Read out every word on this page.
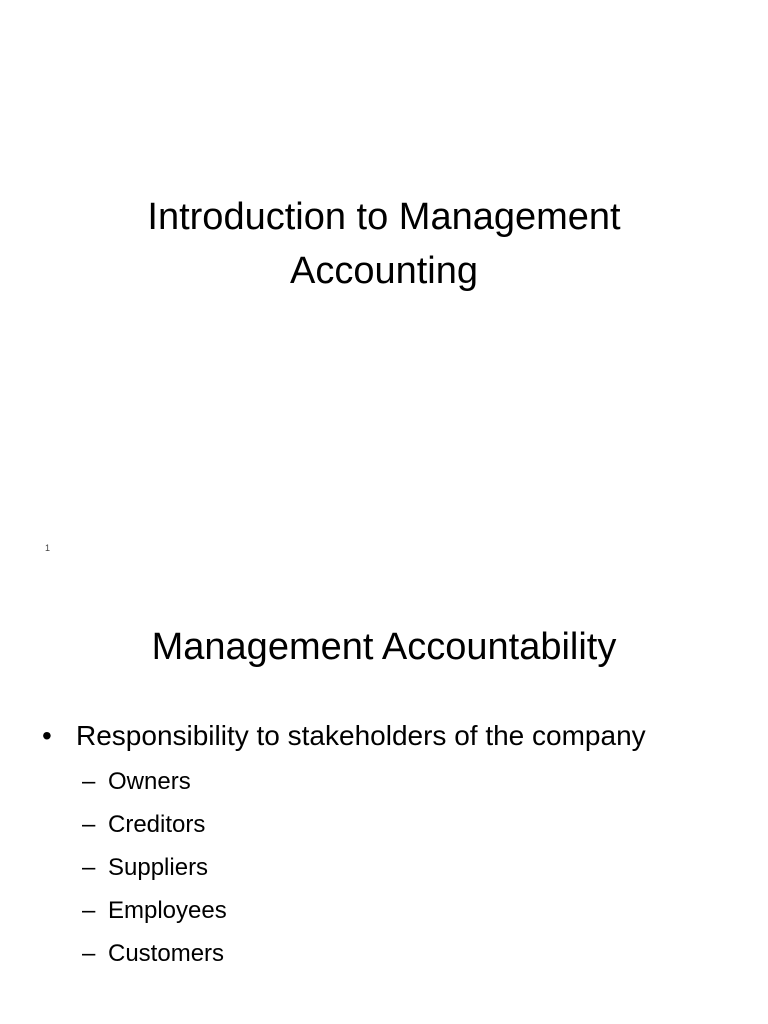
Introduction to Management
Accounting
1
Management Accountability
• Responsibility to stakeholders of the company
– Owners
– Creditors
– Suppliers
– Employees
– Customers
